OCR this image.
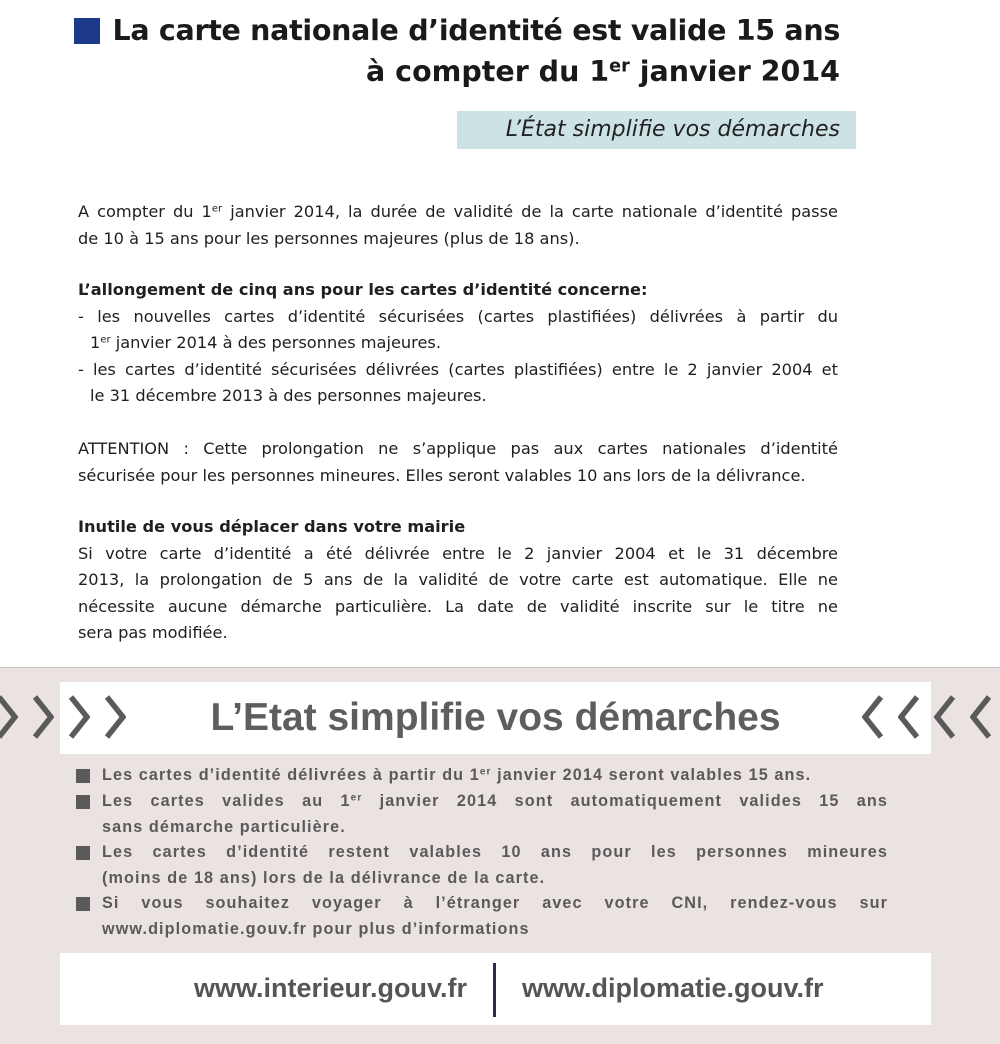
La carte nationale d’identité est valide 15 ans
à compter du 1er janvier 2014
L’État simplifie vos démarches

A compter du 1er janvier 2014, la durée de validité de la carte nationale d’identité passe

de 10 à 15 ans pour les personnes majeures (plus de 18 ans).

L’allongement de cinq ans pour les cartes d’identité concerne:

- les nouvelles cartes d’identité sécurisées (cartes plastifiées) délivrées à partir du

1er janvier 2014 à des personnes majeures.

- les cartes d’identité sécurisées délivrées (cartes plastifiées) entre le 2 janvier 2004 et

le 31 décembre 2013 à des personnes majeures.

ATTENTION : Cette prolongation ne s’applique pas aux cartes nationales d’identité

sécurisée pour les personnes mineures. Elles seront valables 10 ans lors de la délivrance.

Inutile de vous déplacer dans votre mairie

Si votre carte d’identité a été délivrée entre le 2 janvier 2004 et le 31 décembre

2013, la prolongation de 5 ans de la validité de votre carte est automatique. Elle ne

nécessite aucune démarche particulière. La date de validité inscrite sur le titre ne

sera pas modifiée.

L’Etat simplifie vos démarches

Les cartes d’identité délivrées à partir du 1er janvier 2014 seront valables 15 ans.

Les cartes valides au 1er janvier 2014 sont automatiquement valides 15 ans

sans démarche particulière.

Les cartes d’identité restent valables 10 ans pour les personnes mineures

(moins de 18 ans) lors de la délivrance de la carte.

Si vous souhaitez voyager à l’étranger avec votre CNI, rendez-vous sur

www.diplomatie.gouv.fr pour plus d’informations

www.interieur.gouv.fr www.diplomatie.gouv.fr
